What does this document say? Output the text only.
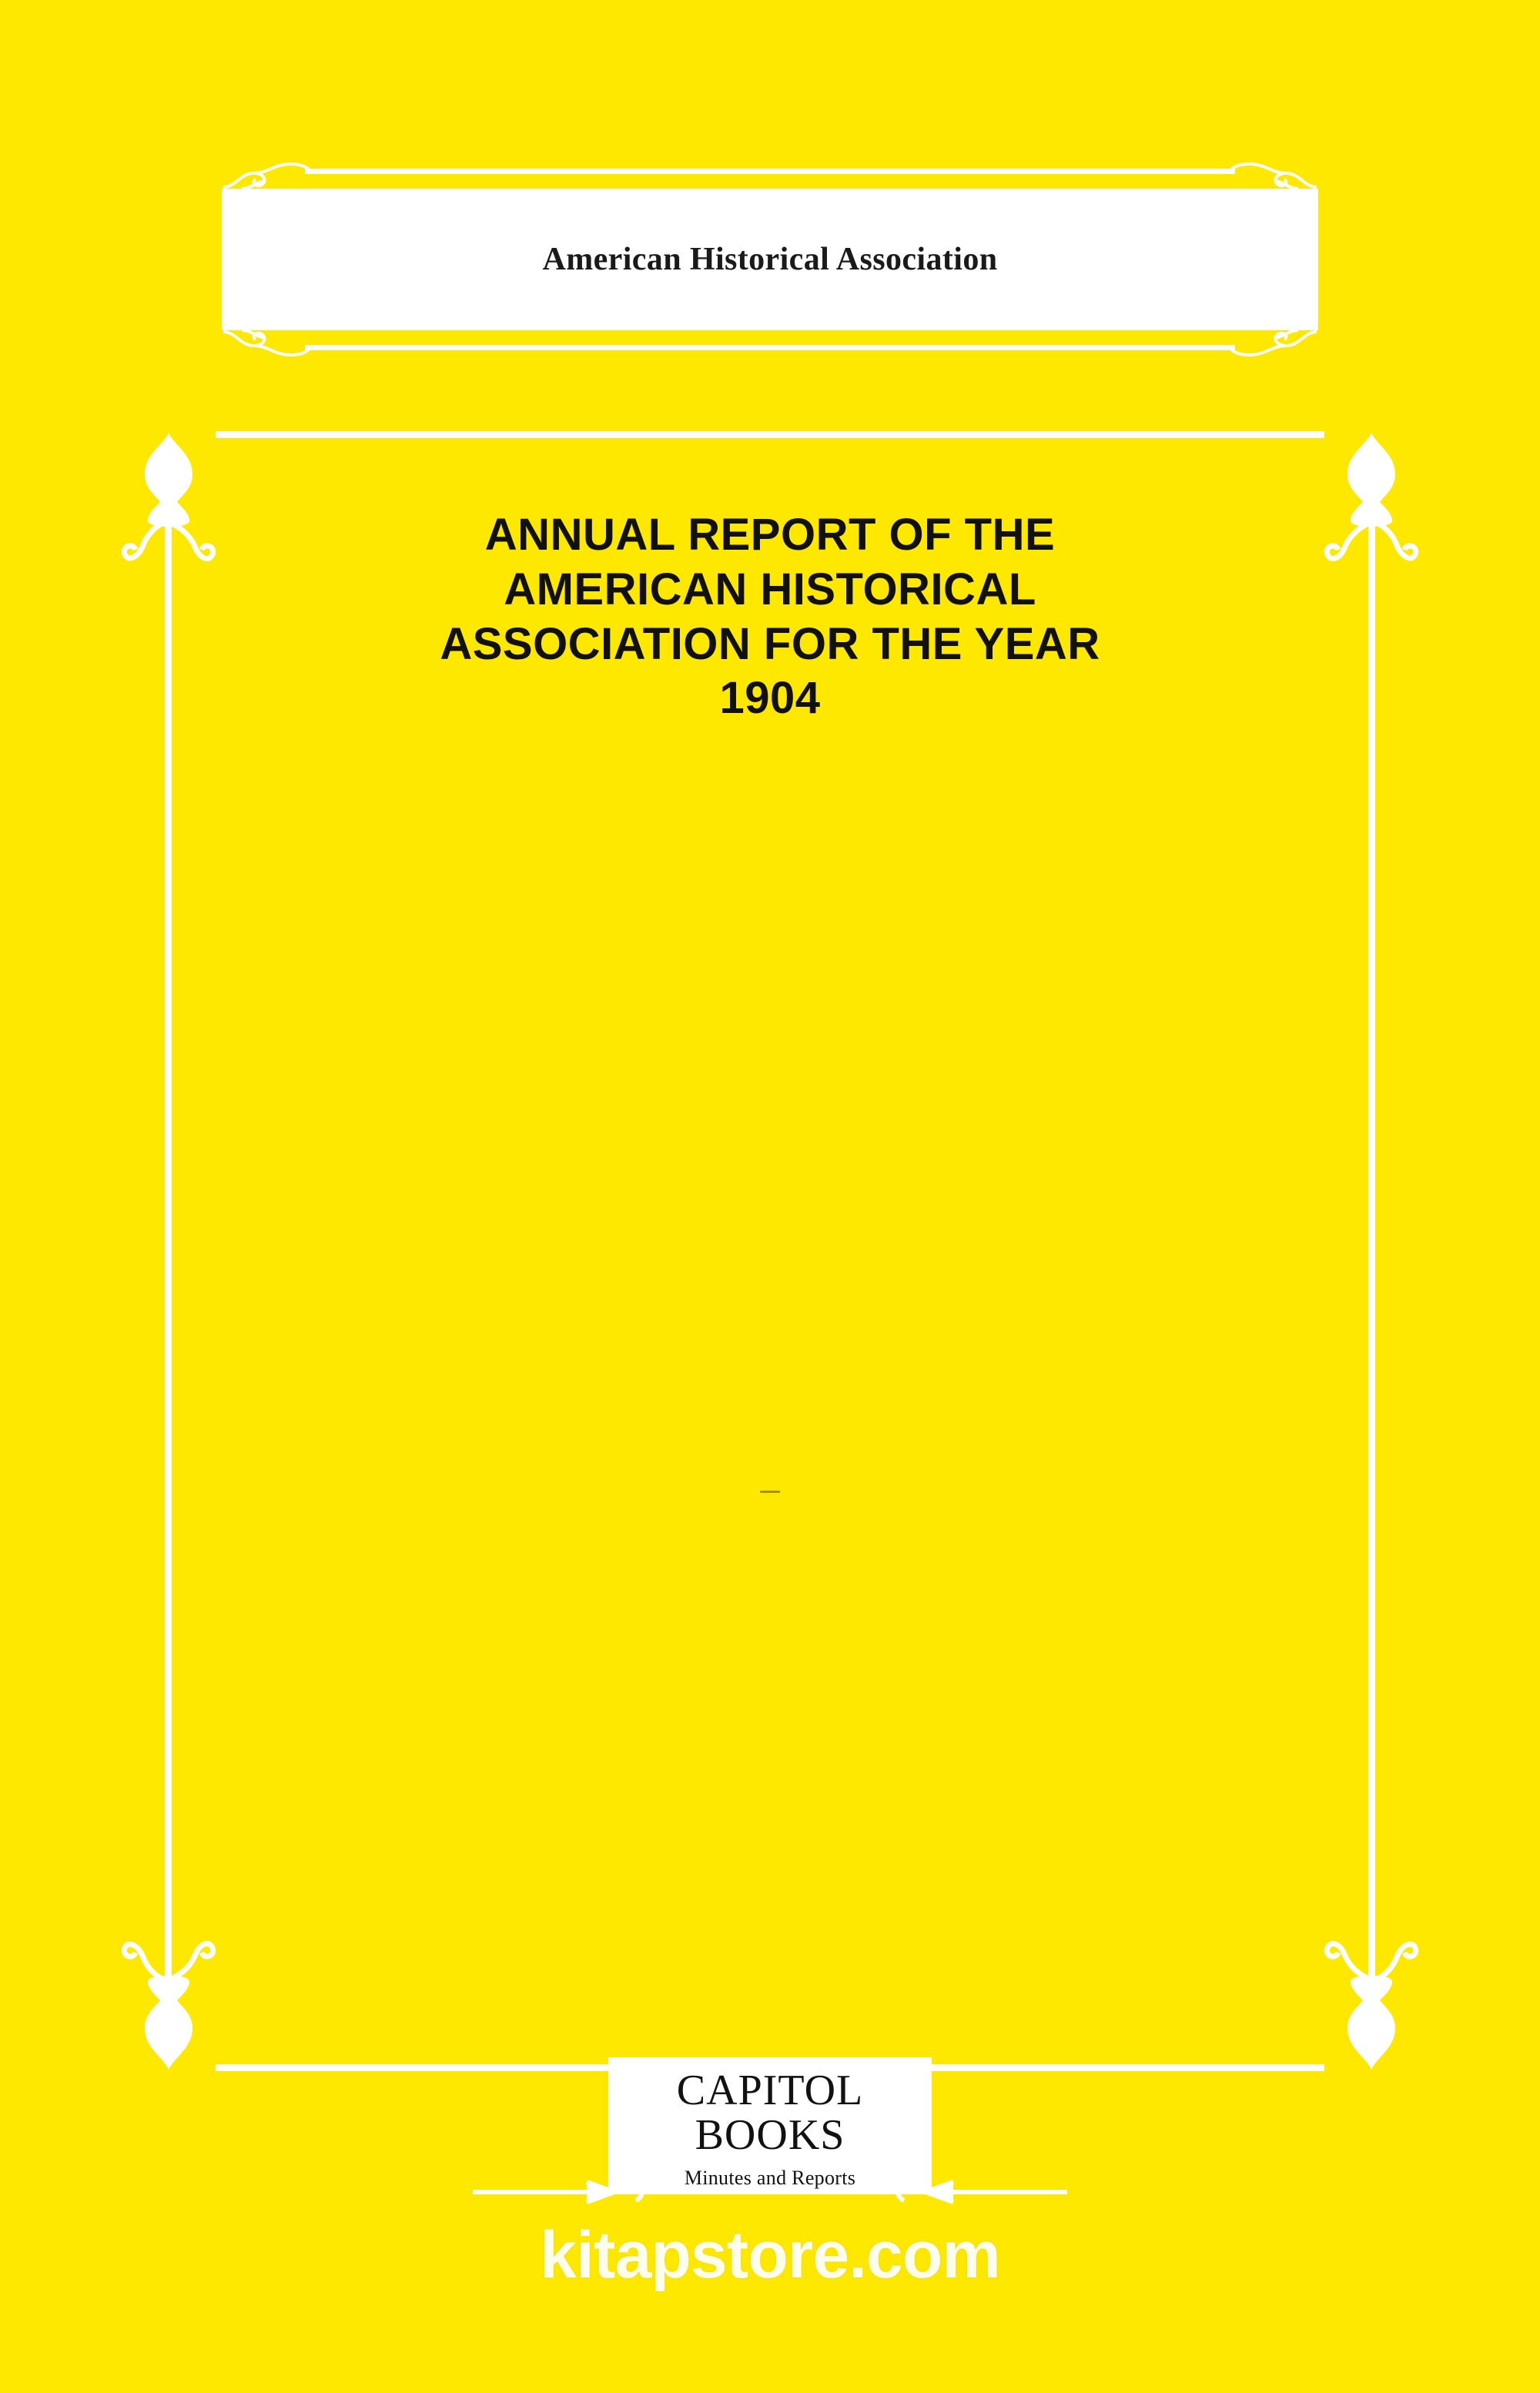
American Historical Association
ANNUAL REPORT OF THE
AMERICAN HISTORICAL
ASSOCIATION FOR THE YEAR
1904
CAPITOL
BOOKS
Minutes and Reports
kitapstore.com
